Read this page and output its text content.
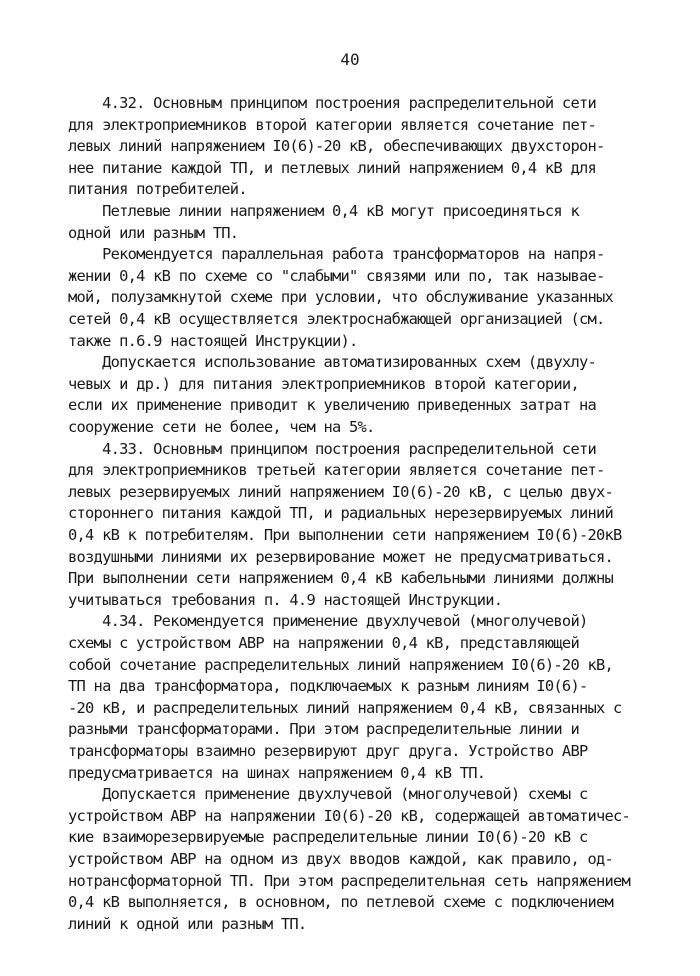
40
4.32. Основным принципом построения распределительной сети
для электроприемников второй категории является сочетание пет-
левых линий напряжением I0(6)-20 кВ, обеспечивающих двухсторон-
нее питание каждой ТП, и петлевых линий напряжением 0,4 кВ для
питания потребителей.
Петлевые линии напряжением 0,4 кВ могут присоединяться к
одной или разным ТП.
Рекомендуется параллельная работа трансформаторов на напря-
жении 0,4 кВ по схеме со "слабыми" связями или по, так называе-
мой, полузамкнутой схеме при условии, что обслуживание указанных
сетей 0,4 кВ осуществляется электроснабжающей организацией (см.
также п.6.9 настоящей Инструкции).
Допускается использование автоматизированных схем (двухлу-
чевых и др.) для питания электроприемников второй категории,
если их применение приводит к увеличению приведенных затрат на
сооружение сети не более, чем на 5%.
4.33. Основным принципом построения распределительной сети
для электроприемников третьей категории является сочетание пет-
левых резервируемых линий напряжением I0(6)-20 кВ, с целью двух-
стороннего питания каждой ТП, и радиальных нерезервируемых линий
0,4 кВ к потребителям. При выполнении сети напряжением I0(6)-20кВ
воздушными линиями их резервирование может не предусматриваться.
При выполнении сети напряжением 0,4 кВ кабельными линиями должны
учитываться требования п. 4.9 настоящей Инструкции.
4.34. Рекомендуется применение двухлучевой (многолучевой)
схемы с устройством АВР на напряжении 0,4 кВ, представляющей
собой сочетание распределительных линий напряжением I0(6)-20 кВ,
ТП на два трансформатора, подключаемых к разным линиям I0(6)-
-20 кВ, и распределительных линий напряжением 0,4 кВ, связанных с
разными трансформаторами. При этом распределительные линии и
трансформаторы взаимно резервируют друг друга. Устройство АВР
предусматривается на шинах напряжением 0,4 кВ ТП.
Допускается применение двухлучевой (многолучевой) схемы с
устройством АВР на напряжении I0(6)-20 кВ, содержащей автоматичес-
кие взаиморезервируемые распределительные линии I0(6)-20 кВ с
устройством АВР на одном из двух вводов каждой, как правило, од-
нотрансформаторной ТП. При этом распределительная сеть напряжением
0,4 кВ выполняется, в основном, по петлевой схеме с подключением
линий к одной или разным ТП.
